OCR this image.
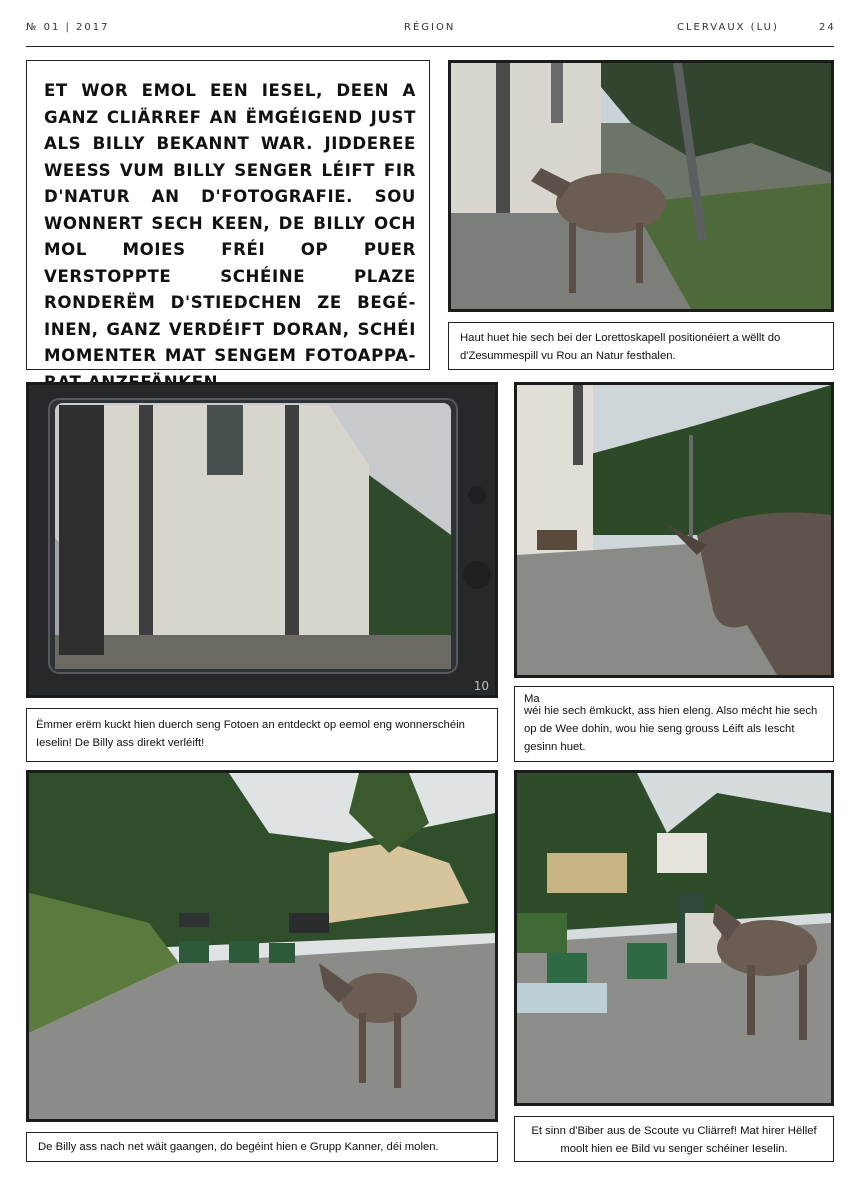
№ 01 | 2017	RÉGION	CLERVAUX (LU)	24
ET WOR EMOL EEN IESEL, DEEN A GANZ CLIÄRREF AN ËMGÉIGEND JUST ALS BILLY BEKANNT WAR. JIDDEREE WEESS VUM BILLY SENGER LÉIFT FIR D'NATUR AN D'FOTOGRAFIE. SOU WONNERT SECH KEEN, DE BILLY OCH MOL MOIES FRÉI OP PUER VERSTOPPTE SCHÉINE PLAZE RONDERËM D'STIEDCHEN ZE BEGÉ-INEN, GANZ VERDÉIFT DORAN, SCHÉI MOMENTER MAT SENGEM FOTOAPPA-
Haut huet hie sech bei der Lorettoskapell positionéiert a wëllt do d'Zesummespill vu Rou an Natur festhalen.
10
Ëmmer erëm kuckt hien duerch seng Fotoen an entdeckt op eemol eng wonnerschéin Ieselin! De Billy ass direkt verléift!
Ma
wéi hie sech ëmkuckt, ass hien eleng. Also mécht hie sech op de Wee dohin, wou hie seng grouss Léift als Iescht gesinn huet.
De Billy ass nach net wäit gaangen, do begéint hien e Grupp Kanner, déi molen.
Et sinn d'Biber aus de Scoute vu Cliärref! Mat hirer Hëllef moolt hien ee Bild vu senger schéiner Ieselin.
